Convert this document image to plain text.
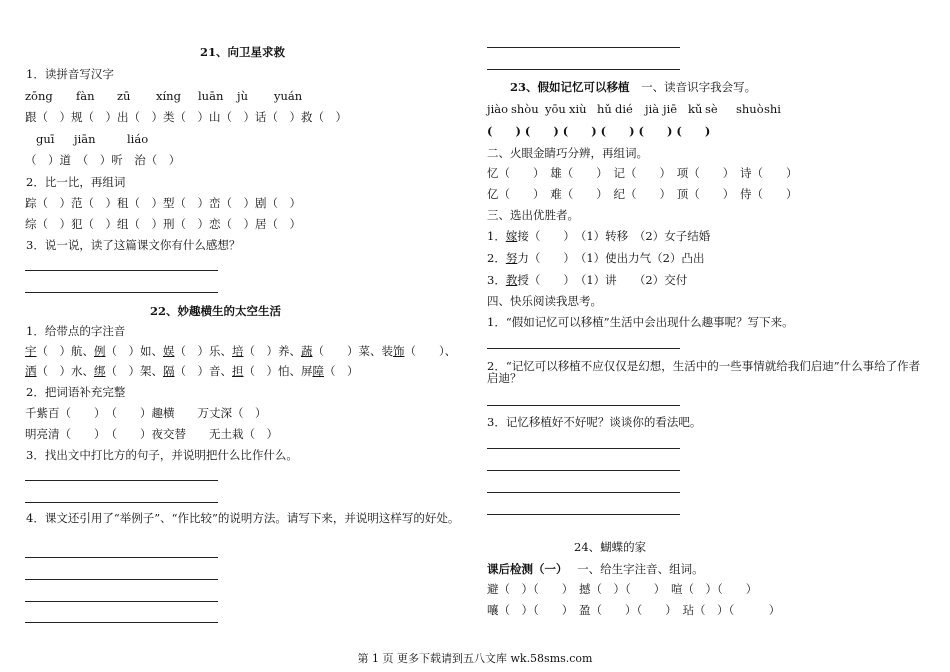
21、向卫星求救
1．读拼音写汉字
zōng fàn zū xíng luān jù yuán
跟（　）规（　）出（　）类（　）山（　）话（　）救（　）
guī jiān	liáo
（　）道　（　）听　治（　）
2．比一比，再组词
踪（　）范（　）租（　）型（　）峦（　）剧（　）
综（　）犯（　）组（　）刑（　）恋（　）居（　）
3．说一说，读了这篇课文你有什么感想？
22、妙趣横生的太空生活
1．给带点的字注音
宇（　）航、例（　）如、娱（　）乐、培（　）养、蔬（　　）菜、装饰（　　）、
洒（　）水、绑（　）架、隔（　）音、担（　）怕、屏障（　）
2．把词语补充完整
千紫百（　　）　（　　）趣横　　万丈深（　）
明亮清（　　）　（　　）夜交替　　无土栽（　）
3．找出文中打比方的句子，并说明把什么比作什么。
4．课文还引用了“举例子”、“作比较”的说明方法。请写下来，并说明这样写的好处。
23、假如记忆可以移植 一、读音识字我会写。
jiào shòu yōu xiù hǔ dié jià jiē kǔ sè shuò shi
(　　) (　　) (　　) (　　) (　　) (　　)
二、火眼金睛巧分辨，再组词。
忆（　　）　雄（　　）　记（　　）　项（　　）　诗（　　）
亿（　　）　难（　　）　纪（　　）　顶（　　）　侍（　　）
三、选出优胜者。
1．嫁接（　　）　（1）转移　（2）女子结婚
2．努力（　　）　（1）使出力气（2）凸出
3．教授（　　）　（1）讲　　（2）交付
四、快乐阅读我思考。
1．“假如记忆可以移植”生活中会出现什么趣事呢？写下来。
2．“记忆可以移植不应仅仅是幻想，生活中的一些事情就给我们启迪”什么事给了作者启迪？
3．记忆移植好不好呢？谈谈你的看法吧。
24、蝴蝶的家
课后检测（一） 一、给生字注音、组词。
避（　）（　　）　撼（　）（　　）　喧（　）（　　）
嚷（　）（　　）　盈（　　）（　　）　玷（　）（　　　）
第 1 页 更多下载请到五八文库 wk.58sms.com
